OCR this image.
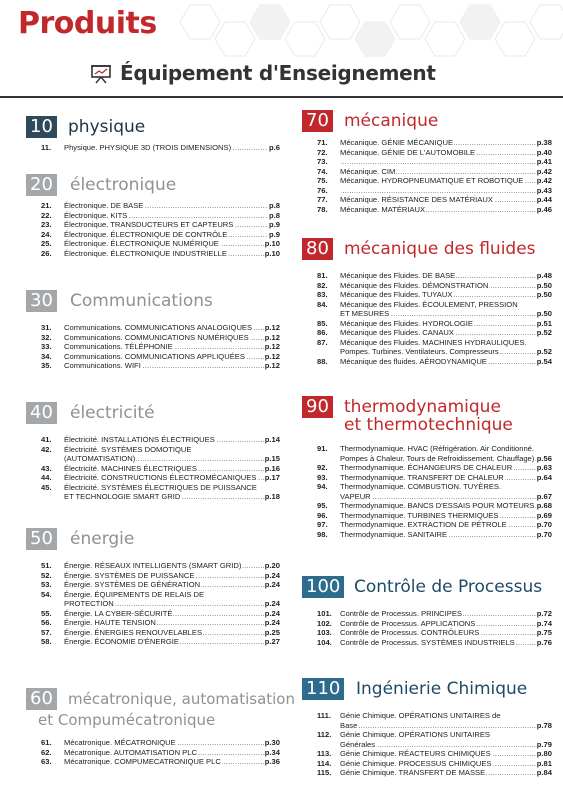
Produits
Équipement d'Enseignement
10 physique
11.	Physique. PHYSIQUE 3D (TROIS DIMENSIONS) .....	p.6
20 électronique
21.	Électronique. DE BASE .....	p.8
22.	Électronique. KITS .....	p.8
23.	Électronique. TRANSDUCTEURS ET CAPTEURS .....	p.9
24.	Électronique. ÉLECTRONIQUE DE CONTRÔLE .....	p.9
25.	Électronique. ÉLECTRONIQUE NUMÉRIQUE .....	p.10
26.	Électronique. ÉLECTRONIQUE INDUSTRIELLE .....	p.10
30 Communications
31.	Communications. COMMUNICATIONS ANALOGIQUES .....	p.12
32.	Communications. COMMUNICATIONS NUMÉRIQUES .....	p.12
33.	Communications. TÉLÉPHONIE .....	p.12
34.	Communications. COMMUNICATIONS APPLIQUÉES .....	p.12
35.	Communications. WIFI .....	p.12
40 électricité
41.	Électricité. INSTALLATIONS ÉLECTRIQUES .....	p.14
42.	Électricité. SYSTÈMES DOMOTIQUE
(AUTOMATISATION) .....	p.15
43.	Électricité. MACHINES ÉLECTRIQUES .....	p.16
44.	Électricité. CONSTRUCTIONS ÉLECTROMÉCANIQUES .....	p.17
45.	Électricité. SYSTÈMES ÉLECTRIQUES DE PUISSANCE
ET TECHNOLOGIE SMART GRID .....	p.18
50 énergie
51.	Énergie. RÉSEAUX INTELLIGENTS (SMART GRID) .....	p.20
52.	Énergie. SYSTÈMES DE PUISSANCE .....	p.24
53.	Énergie. SYSTÈMES DE GÉNÉRATION .....	p.24
54.	Énergie. ÉQUIPEMENTS DE RELAIS DE
PROTECTION .....	p.24
55.	Énergie. LA CYBER-SÉCURITÉ .....	p.24
56.	Énergie. HAUTE TENSION .....	p.24
57.	Énergie. ÉNERGIES RENOUVELABLES .....	p.25
58.	Énergie. ÉCONOMIE D'ÉNERGIE .....	p.27
60 mécatronique, automatisation
et Compumécatronique
61.	Mécatronique. MÉCATRONIQUE .....	p.30
62.	Mécatronique. AUTOMATISATION PLC .....	p.34
63.	Mécatronique. COMPUMECATRONIQUE PLC .....	p.36
70 mécanique
71.	Mécanique. GÉNIE MÉCANIQUE .....	p.38
72.	Mécanique. GÉNIE DE L'AUTOMOBILE .....	p.40
73. .....	p.41
74.	Mécanique. CIM .....	p.42
75.	Mécanique. HYDROPNEUMATIQUE ET ROBOTIQUE .....	p.42
76. .....	p.43
77.	Mécanique. RÉSISTANCE DES MATÉRIAUX .....	p.44
78.	Mécanique. MATÉRIAUX .....	p.46
80 mécanique des fluides
81.	Mécanique des Fluides. DE BASE .....	p.48
82.	Mécanique des Fluides. DÉMONSTRATION .....	p.50
83.	Mécanique des Fluides. TUYAUX .....	p.50
84.	Mécanique des Fluides. ÉCOULEMENT, PRESSION
ET MESURES .....	p.50
85.	Mécanique des Fluides. HYDROLOGIE .....	p.51
86.	Mécanique des Fluides. CANAUX .....	p.52
87.	Mécanique des Fluides. MACHINES HYDRAULIQUES.
Pompes. Turbines. Ventilateurs. Compresseurs .....	p.52
88.	Mécanique des fluides. AÉRODYNAMIQUE .....	p.54
90 thermodynamique
et thermotechnique
91.	Thermodynamique. HVAC (Réfrigération. Air Conditionné.
Pompes à Chaleur. Tours de Refroidissement. Chauffage) ..... p.56
92.	Thermodynamique. ÉCHANGEURS DE CHALEUR .....	p.63
93.	Thermodynamique. TRANSFERT DE CHALEUR .....	p.64
94.	Thermodynamique. COMBUSTION. TUYÈRES.
VAPEUR .....	p.67
95.	Thermodynamique. BANCS D'ESSAIS POUR MOTEURS ..... p.68
96.	Thermodynamique. TURBINES THERMIQUES .....	p.69
97.	Thermodynamique. EXTRACTION DE PÉTROLE .....	p.70
98.	Thermodynamique. SANITAIRE .....	p.70
100 Contrôle de Processus
101.	Contrôle de Processus. PRINCIPES .....	p.72
102.	Contrôle de Processus. APPLICATIONS .....	p.74
103.	Contrôle de Processus. CONTRÔLEURS .....	p.75
104.	Contrôle de Processus. SYSTÈMES INDUSTRIELS .....	p.76
110 Ingénierie Chimique
111.	Génie Chimique. OPÉRATIONS UNITAIRES de
Base .....	p.78
112.	Génie Chimique. OPÉRATIONS UNITAIRES
Générales .....	p.79
113.	Génie Chimique. RÉACTEURS CHIMIQUES .....	p.80
114.	Génie Chimique. PROCESSUS CHIMIQUES .....	p.81
115.	Génie Chimique. TRANSFERT DE MASSE .....	p.84
